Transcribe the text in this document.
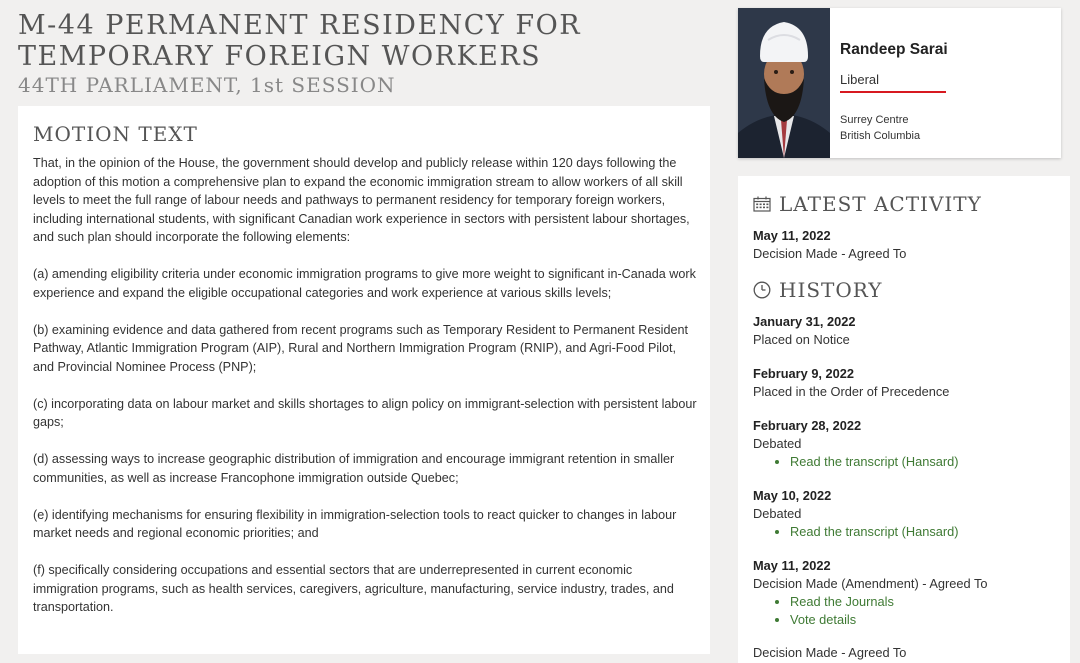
M-44 PERMANENT RESIDENCY FOR TEMPORARY FOREIGN WORKERS
44TH PARLIAMENT, 1st SESSION
MOTION TEXT

That, in the opinion of the House, the government should develop and publicly release within 120 days following the adoption of this motion a comprehensive plan to expand the economic immigration stream to allow workers of all skill levels to meet the full range of labour needs and pathways to permanent residency for temporary foreign workers, including international students, with significant Canadian work experience in sectors with persistent labour shortages, and such plan should incorporate the following elements:

(a) amending eligibility criteria under economic immigration programs to give more weight to significant in-Canada work experience and expand the eligible occupational categories and work experience at various skills levels;

(b) examining evidence and data gathered from recent programs such as Temporary Resident to Permanent Resident Pathway, Atlantic Immigration Program (AIP), Rural and Northern Immigration Program (RNIP), and Agri-Food Pilot, and Provincial Nominee Process (PNP);

(c) incorporating data on labour market and skills shortages to align policy on immigrant-selection with persistent labour gaps;

(d) assessing ways to increase geographic distribution of immigration and encourage immigrant retention in smaller communities, as well as increase Francophone immigration outside Quebec;

(e) identifying mechanisms for ensuring flexibility in immigration-selection tools to react quicker to changes in labour market needs and regional economic priorities; and

(f) specifically considering occupations and essential sectors that are underrepresented in current economic immigration programs, such as health services, caregivers, agriculture, manufacturing, service industry, trades, and transportation.

Randeep Sarai
Liberal
Surrey Centre
British Columbia
LATEST ACTIVITY
May 11, 2022
Decision Made - Agreed To
HISTORY
January 31, 2022
Placed on Notice
February 9, 2022
Placed in the Order of Precedence
February 28, 2022
Debated
• Read the transcript (Hansard)
May 10, 2022
Debated
• Read the transcript (Hansard)
May 11, 2022
Decision Made (Amendment) - Agreed To
• Read the Journals
• Vote details
Decision Made - Agreed To
